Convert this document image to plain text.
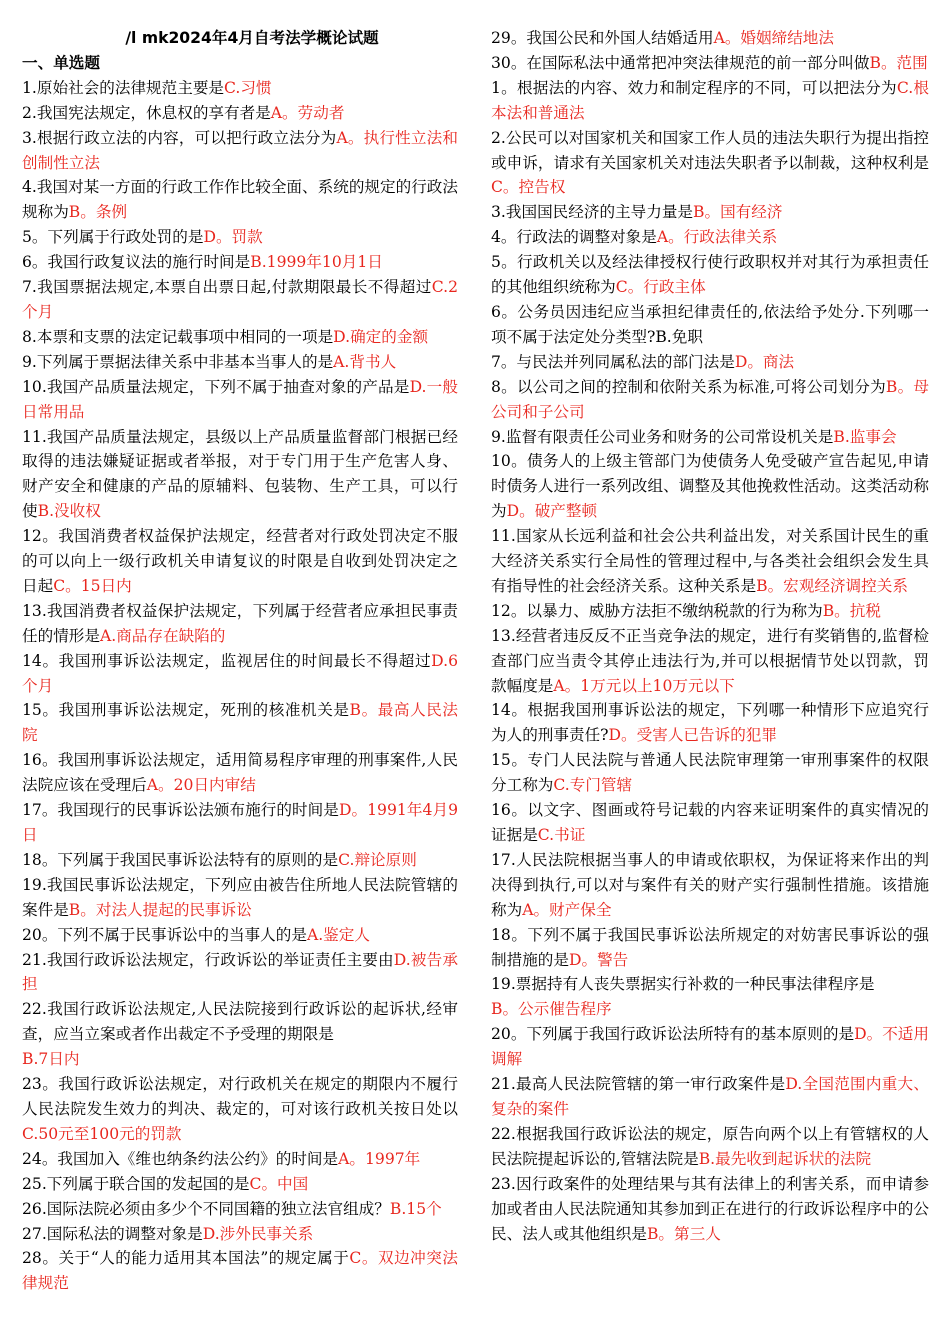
/l mk2024年4月自考法学概论试题
一、单选题

1.原始社会的法律规范主要是C.习惯

2.我国宪法规定，休息权的享有者是A。劳动者

3.根据行政立法的内容，可以把行政立法分为A。执行性立法和创制性立法

4.我国对某一方面的行政工作作比较全面、系统的规定的行政法规称为B。条例

5。下列属于行政处罚的是D。罚款

6。我国行政复议法的施行时间是B.1999年10月1日

7.我国票据法规定,本票自出票日起,付款期限最长不得超过C.2个月

8.本票和支票的法定记载事项中相同的一项是D.确定的金额

9.下列属于票据法律关系中非基本当事人的是A.背书人

10.我国产品质量法规定，下列不属于抽查对象的产品是D.一般日常用品

11.我国产品质量法规定，县级以上产品质量监督部门根据已经取得的违法嫌疑证据或者举报，对于专门用于生产危害人身、财产安全和健康的产品的原辅料、包装物、生产工具，可以行使B.没收权

12。我国消费者权益保护法规定，经营者对行政处罚决定不服的可以向上一级行政机关申请复议的时限是自收到处罚决定之日起C。15日内

13.我国消费者权益保护法规定，下列属于经营者应承担民事责任的情形是A.商品存在缺陷的

14。我国刑事诉讼法规定，监视居住的时间最长不得超过D.6个月

15。我国刑事诉讼法规定，死刑的核准机关是B。最高人民法院

16。我国刑事诉讼法规定，适用简易程序审理的刑事案件,人民法院应该在受理后A。20日内审结

17。我国现行的民事诉讼法颁布施行的时间是D。1991年4月9日

18。下列属于我国民事诉讼法特有的原则的是C.辩论原则

19.我国民事诉讼法规定，下列应由被告住所地人民法院管辖的案件是B。对法人提起的民事诉讼

20。下列不属于民事诉讼中的当事人的是A.鉴定人

21.我国行政诉讼法规定，行政诉讼的举证责任主要由D.被告承担

22.我国行政诉讼法规定,人民法院接到行政诉讼的起诉状,经审查，应当立案或者作出裁定不予受理的期限是
B.7日内

23。我国行政诉讼法规定，对行政机关在规定的期限内不履行人民法院发生效力的判决、裁定的，可对该行政机关按日处以C.50元至100元的罚款

24。我国加入《维也纳条约法公约》的时间是A。1997年

25.下列属于联合国的发起国的是C。中国

26.国际法院必须由多少个不同国籍的独立法官组成？B.15个

27.国际私法的调整对象是D.涉外民事关系

28。关于“人的能力适用其本国法”的规定属于C。双边冲突法律规范

29。我国公民和外国人结婚适用A。婚姻缔结地法

30。在国际私法中通常把冲突法律规范的前一部分叫做B。范围

1。根据法的内容、效力和制定程序的不同，可以把法分为C.根本法和普通法

2.公民可以对国家机关和国家工作人员的违法失职行为提出指控或申诉，请求有关国家机关对违法失职者予以制裁，这种权利是C。控告权

3.我国国民经济的主导力量是B。国有经济

4。行政法的调整对象是A。行政法律关系

5。行政机关以及经法律授权行使行政职权并对其行为承担责任的其他组织统称为C。行政主体

6。公务员因违纪应当承担纪律责任的,依法给予处分.下列哪一项不属于法定处分类型?B.免职

7。与民法并列同属私法的部门法是D。商法

8。以公司之间的控制和依附关系为标准,可将公司划分为B。母公司和子公司

9.监督有限责任公司业务和财务的公司常设机关是B.监事会

10。债务人的上级主管部门为使债务人免受破产宣告起见,申请时债务人进行一系列改组、调整及其他挽救性活动。这类活动称为D。破产整顿

11.国家从长远利益和社会公共利益出发，对关系国计民生的重大经济关系实行全局性的管理过程中,与各类社会组织会发生具有指导性的社会经济关系。这种关系是B。宏观经济调控关系

12。以暴力、威胁方法拒不缴纳税款的行为称为B。抗税

13.经营者违反反不正当竞争法的规定，进行有奖销售的,监督检查部门应当责令其停止违法行为,并可以根据情节处以罚款，罚款幅度是A。1万元以上10万元以下

14。根据我国刑事诉讼法的规定，下列哪一种情形下应追究行为人的刑事责任?D。受害人已告诉的犯罪

15。专门人民法院与普通人民法院审理第一审刑事案件的权限分工称为C.专门管辖

16。以文字、图画或符号记载的内容来证明案件的真实情况的证据是C.书证

17.人民法院根据当事人的申请或依职权，为保证将来作出的判决得到执行,可以对与案件有关的财产实行强制性措施。该措施称为A。财产保全

18。下列不属于我国民事诉讼法所规定的对妨害民事诉讼的强制措施的是D。警告

19.票据持有人丧失票据实行补救的一种民事法律程序是
B。公示催告程序

20。下列属于我国行政诉讼法所特有的基本原则的是D。不适用调解

21.最高人民法院管辖的第一审行政案件是D.全国范围内重大、复杂的案件

22.根据我国行政诉讼法的规定，原告向两个以上有管辖权的人民法院提起诉讼的,管辖法院是B.最先收到起诉状的法院

23.因行政案件的处理结果与其有法律上的利害关系，而申请参加或者由人民法院通知其参加到正在进行的行政诉讼程序中的公民、法人或其他组织是B。第三人
